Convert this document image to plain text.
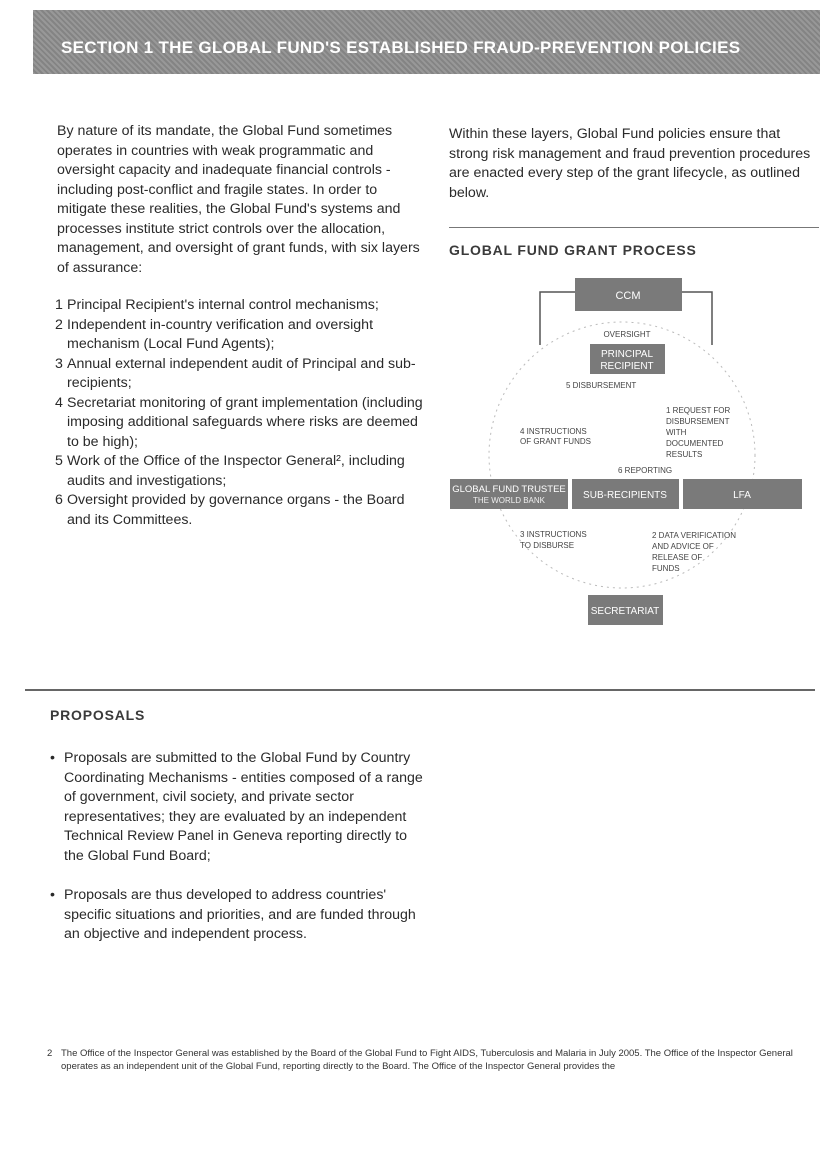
SECTION 1 THE GLOBAL FUND'S ESTABLISHED FRAUD-PREVENTION POLICIES

By nature of its mandate, the Global Fund sometimes operates in countries with weak programmatic and oversight capacity and inadequate financial controls - including post-conflict and fragile states. In order to mitigate these realities, the Global Fund's systems and processes institute strict controls over the allocation, management, and oversight of grant funds, with six layers of assurance:

1 Principal Recipient's internal control mechanisms;
2 Independent in-country verification and oversight mechanism (Local Fund Agents);
3 Annual external independent audit of Principal and sub-recipients;
4 Secretariat monitoring of grant implementation (including imposing additional safeguards where risks are deemed to be high);
5 Work of the Office of the Inspector General², including audits and investigations;
6 Oversight provided by governance organs - the Board and its Committees.

Within these layers, Global Fund policies ensure that strong risk management and fraud prevention procedures are enacted every step of the grant lifecycle, as outlined below.

GLOBAL FUND GRANT PROCESS
CCM
OVERSIGHT
PRINCIPAL
RECIPIENT
5 DISBURSEMENT
4 INSTRUCTIONS
OF GRANT FUNDS
1 REQUEST FOR
DISBURSEMENT
WITH
DOCUMENTED
RESULTS
6 REPORTING
GLOBAL FUND TRUSTEE
THE WORLD BANK	SUB-RECIPIENTS	LFA
3 INSTRUCTIONS
TO DISBURSE
2 DATA VERIFICATION
AND ADVICE OF
RELEASE OF
FUNDS
SECRETARIAT
PROPOSALS
• Proposals are submitted to the Global Fund by Country Coordinating Mechanisms - entities composed of a range of government, civil society, and private sector representatives; they are evaluated by an independent Technical Review Panel in Geneva reporting directly to the Global Fund Board;
• Proposals are thus developed to address countries' specific situations and priorities, and are funded through an objective and independent process.
2 The Office of the Inspector General was established by the Board of the Global Fund to Fight AIDS, Tuberculosis and Malaria in July 2005. The Office of the Inspector General operates as an independent unit of the Global Fund, reporting directly to the Board. The Office of the Inspector General provides the
